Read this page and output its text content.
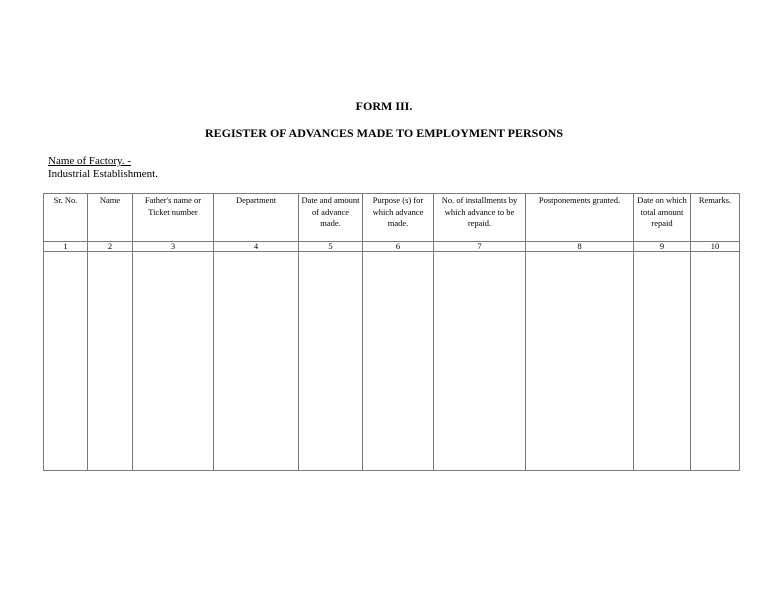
FORM III.
REGISTER OF ADVANCES MADE TO EMPLOYMENT PERSONS
Name of Factory. -
Industrial Establishment.
Sr. No.	Name	Father's name or Ticket number	Department	Date and amount of advance made.	Purpose (s) for which advance made.	No. of installments by which advance to be repaid.	Postponements granted.	Date on which total amount repaid	Remarks.
1	2	3	4	5	6	7	8	9	10
